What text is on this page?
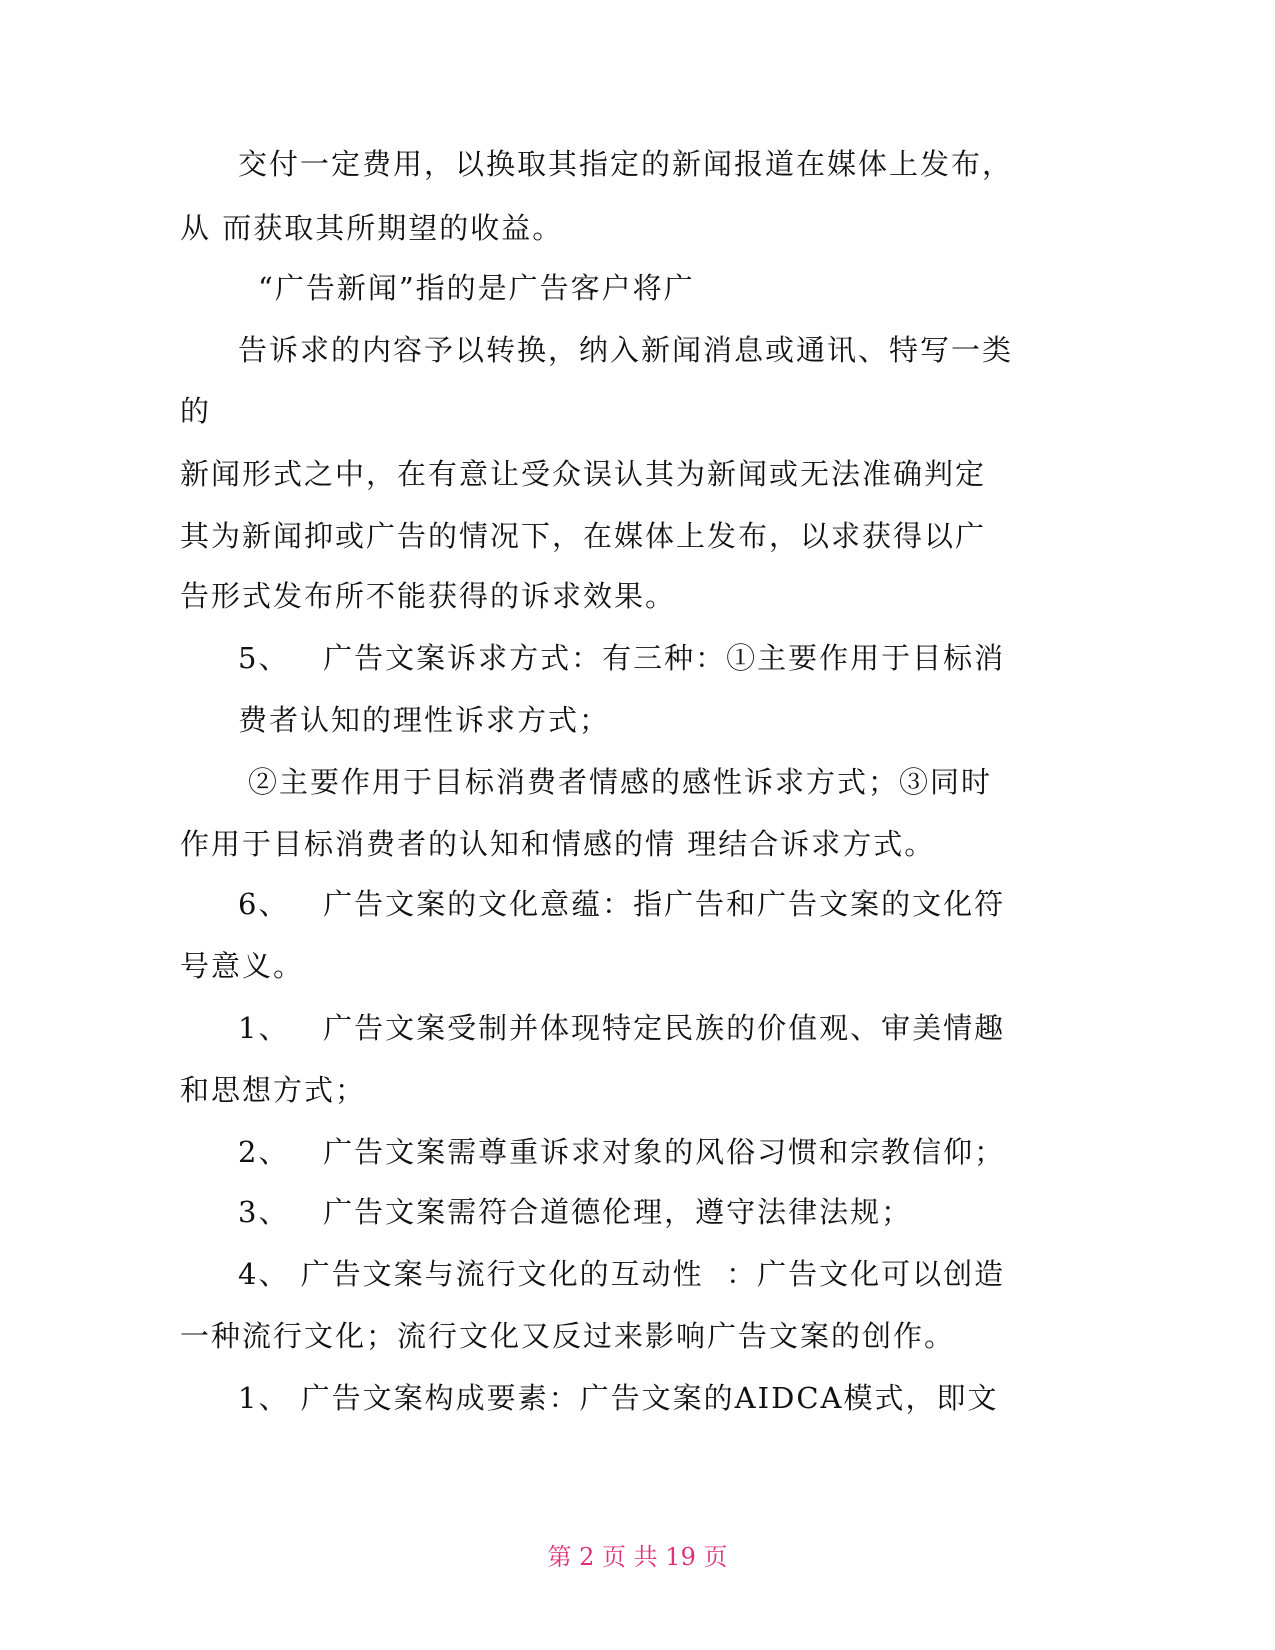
交付一定费用，以换取其指定的新闻报道在媒体上发布，
从 而获取其所期望的收益。
“广告新闻”指的是广告客户将广
告诉求的内容予以转换，纳入新闻消息或通讯、特写一类
的
新闻形式之中，在有意让受众误认其为新闻或无法准确判定
其为新闻抑或广告的情况下，在媒体上发布，以求获得以广
告形式发布所不能获得的诉求效果。
5、   广告文案诉求方式：有三种：①主要作用于目标消
费者认知的理性诉求方式；
②主要作用于目标消费者情感的感性诉求方式；③同时
作用于目标消费者的认知和情感的情 理结合诉求方式。
6、   广告文案的文化意蕴：指广告和广告文案的文化符
号意义。
1、   广告文案受制并体现特定民族的价值观、审美情趣
和思想方式；
2、   广告文案需尊重诉求对象的风俗习惯和宗教信仰；
3、   广告文案需符合道德伦理，遵守法律法规；
4、 广告文案与流行文化的互动性  ：广告文化可以创造
一种流行文化；流行文化又反过来影响广告文案的创作。
1、 广告文案构成要素：广告文案的AIDCA模式，即文
第 2 页 共 19 页
